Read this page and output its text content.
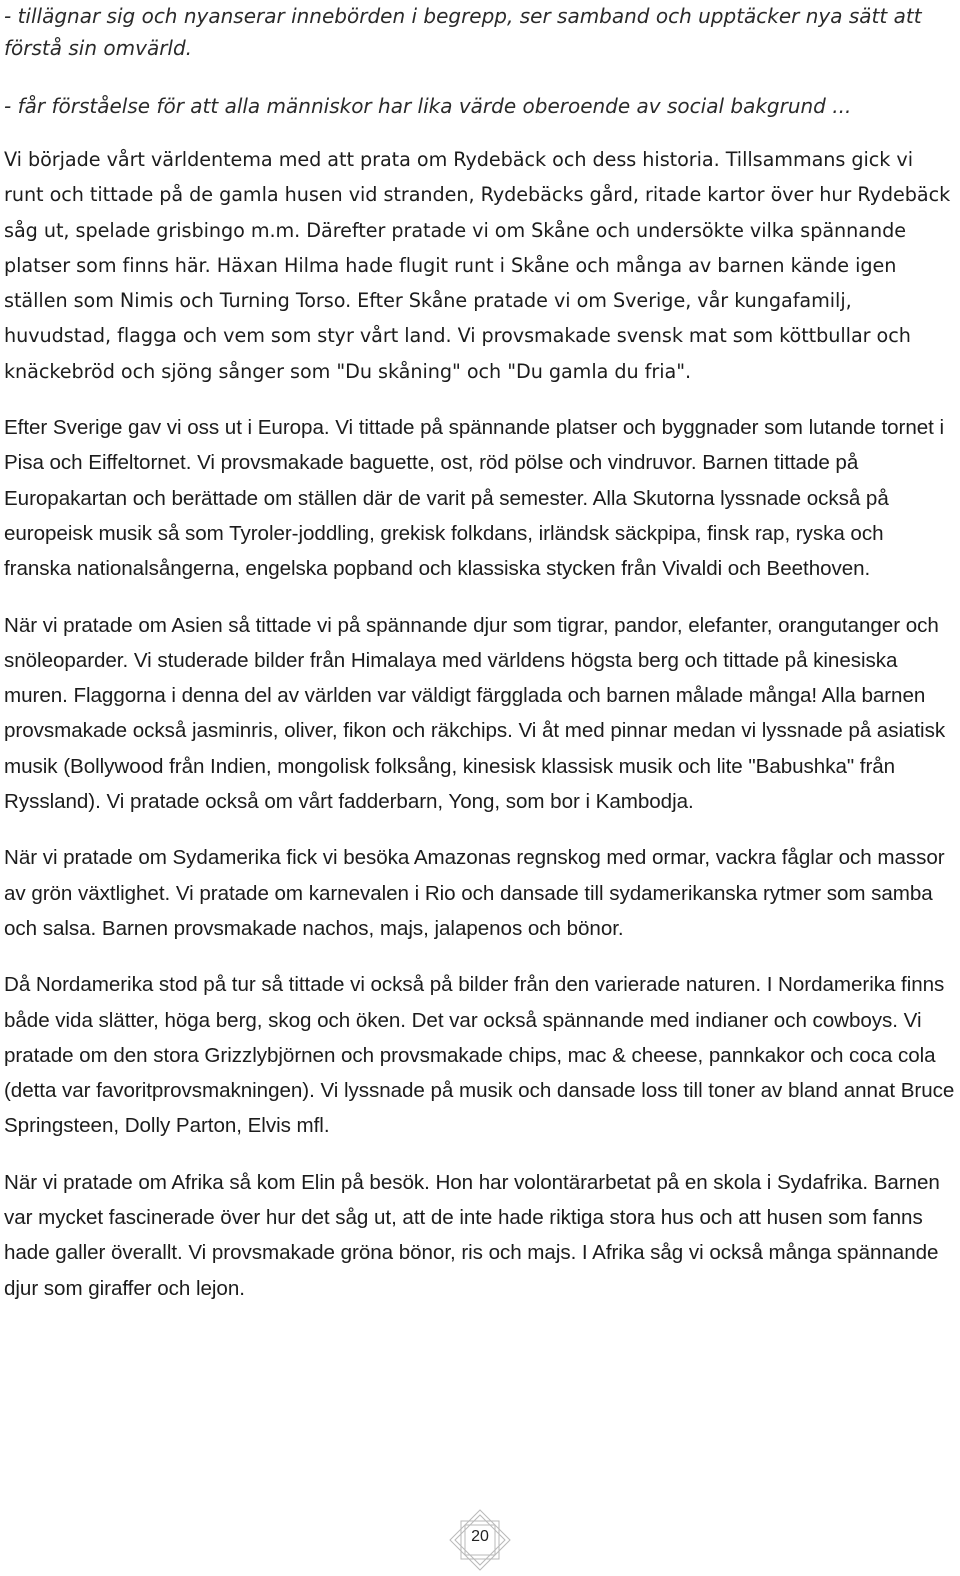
- tillägnar sig och nyanserar innebörden i begrepp, ser samband och upptäcker nya sätt att förstå sin omvärld.

- får förståelse för att alla människor har lika värde oberoende av social bakgrund ...

Vi började vårt världentema med att prata om Rydebäck och dess historia. Tillsammans gick vi runt och tittade på de gamla husen vid stranden, Rydebäcks gård, ritade kartor över hur Rydebäck såg ut, spelade grisbingo m.m. Därefter pratade vi om Skåne och undersökte vilka spännande platser som finns här. Häxan Hilma hade flugit runt i Skåne och många av barnen kände igen ställen som Nimis och Turning Torso. Efter Skåne pratade vi om Sverige, vår kungafamilj, huvudstad, flagga och vem som styr vårt land. Vi provsmakade svensk mat som köttbullar och knäckebröd och sjöng sånger som "Du skåning" och "Du gamla du fria".

Efter Sverige gav vi oss ut i Europa. Vi tittade på spännande platser och byggnader som lutande tornet i Pisa och Eiffeltornet. Vi provsmakade baguette, ost, röd pölse och vindruvor. Barnen tittade på Europakartan och berättade om ställen där de varit på semester. Alla Skutorna lyssnade också på europeisk musik så som Tyroler-joddling, grekisk folkdans, irländsk säckpipa, finsk rap, ryska och franska nationalsångerna, engelska popband och klassiska stycken från Vivaldi och Beethoven.

När vi pratade om Asien så tittade vi på spännande djur som tigrar, pandor, elefanter, orangutanger och snöleoparder. Vi studerade bilder från Himalaya med världens högsta berg och tittade på kinesiska muren. Flaggorna i denna del av världen var väldigt färgglada och barnen målade många! Alla barnen provsmakade också jasminris, oliver, fikon och räkchips. Vi åt med pinnar medan vi lyssnade på asiatisk musik (Bollywood från Indien, mongolisk folksång, kinesisk klassisk musik och lite "Babushka" från Ryssland). Vi pratade också om vårt fadderbarn, Yong, som bor i Kambodja.

När vi pratade om Sydamerika fick vi besöka Amazonas regnskog med ormar, vackra fåglar och massor av grön växtlighet. Vi pratade om karnevalen i Rio och dansade till sydamerikanska rytmer som samba och salsa. Barnen provsmakade nachos, majs, jalapenos och bönor.

Då Nordamerika stod på tur så tittade vi också på bilder från den varierade naturen. I Nordamerika finns både vida slätter, höga berg, skog och öken. Det var också spännande med indianer och cowboys. Vi pratade om den stora Grizzlybjörnen och provsmakade chips, mac & cheese, pannkakor och coca cola (detta var favoritprovsmakningen). Vi lyssnade på musik och dansade loss till toner av bland annat Bruce Springsteen, Dolly Parton, Elvis mfl.

När vi pratade om Afrika så kom Elin på besök. Hon har volontärarbetat på en skola i Sydafrika. Barnen var mycket fascinerade över hur det såg ut, att de inte hade riktiga stora hus och att husen som fanns hade galler överallt. Vi provsmakade gröna bönor, ris och majs. I Afrika såg vi också många spännande djur som giraffer och lejon.

20
